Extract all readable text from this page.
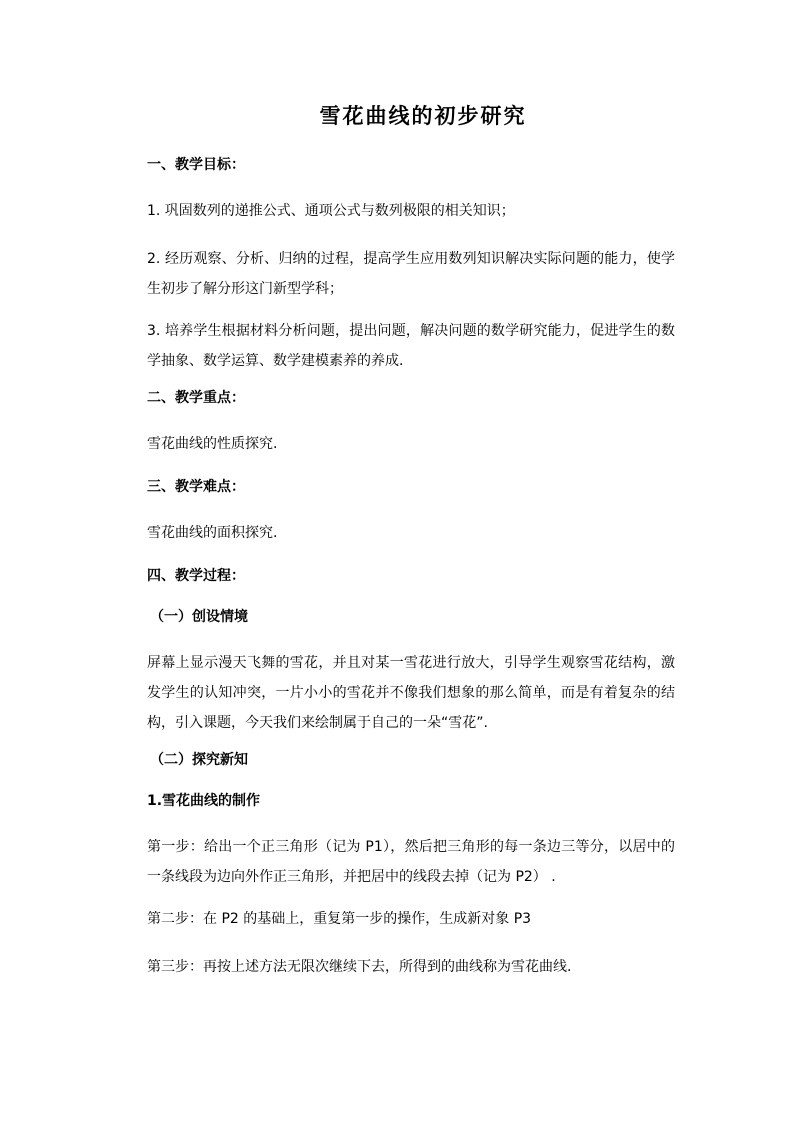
雪花曲线的初步研究
一、教学目标：

1. 巩固数列的递推公式、通项公式与数列极限的相关知识；

2. 经历观察、分析、归纳的过程，提高学生应用数列知识解决实际问题的能力，使学生初步了解分形这门新型学科；

3. 培养学生根据材料分析问题，提出问题，解决问题的数学研究能力，促进学生的数学抽象、数学运算、数学建模素养的养成.

二、教学重点：

雪花曲线的性质探究.

三、教学难点：

雪花曲线的面积探究.

四、教学过程：
（一）创设情境

屏幕上显示漫天飞舞的雪花，并且对某一雪花进行放大，引导学生观察雪花结构，激发学生的认知冲突，一片小小的雪花并不像我们想象的那么简单，而是有着复杂的结构，引入课题，今天我们来绘制属于自己的一朵“雪花”.

（二）探究新知
1.雪花曲线的制作

第一步：给出一个正三角形（记为 P1），然后把三角形的每一条边三等分，以居中的一条线段为边向外作正三角形，并把居中的线段去掉（记为 P2） .

第二步：在 P2 的基础上，重复第一步的操作，生成新对象 P3

第三步：再按上述方法无限次继续下去，所得到的曲线称为雪花曲线.
